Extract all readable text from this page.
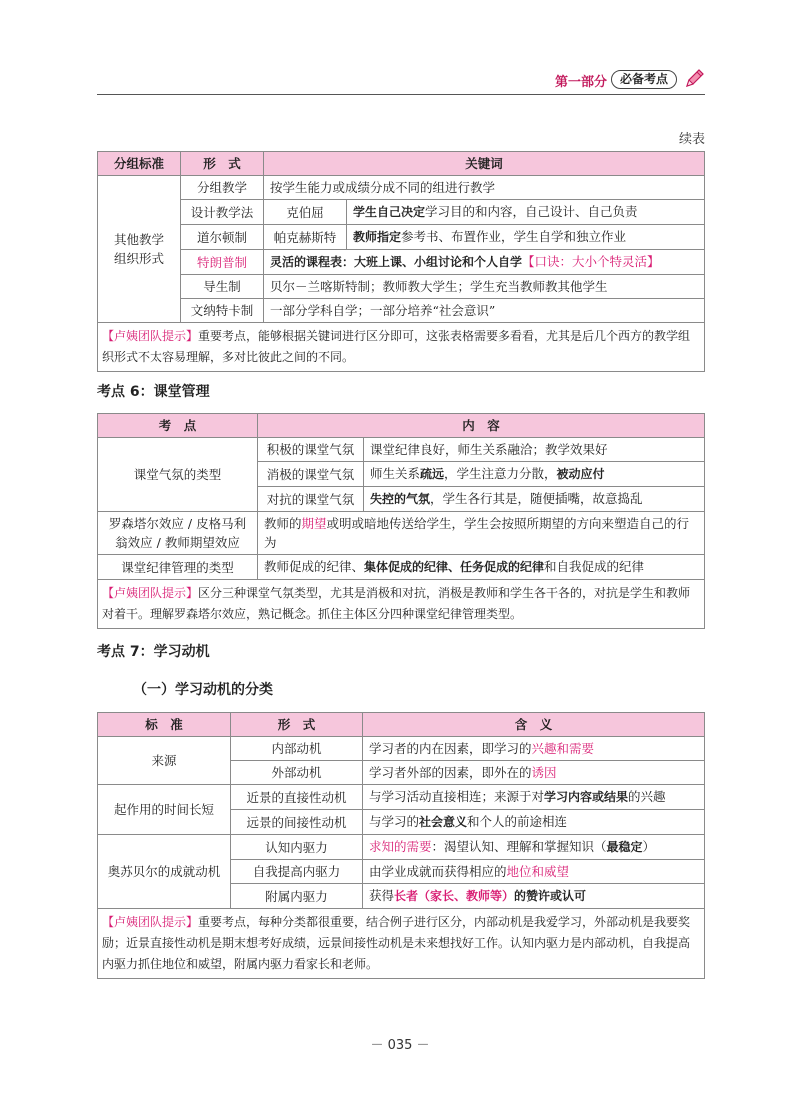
第一部分	必备考点
续表
分组标准	形　式	关键词	
其他教学组织形式	分组教学	按学生能力或成绩分成不同的组进行教学	
	设计教学法	克伯屈	学生自己决定学习目的和内容，自己设计、自己负责
	道尔顿制	帕克赫斯特	教师指定参考书、布置作业，学生自学和独立作业
	特朗普制	灵活的课程表：大班上课、小组讨论和个人自学【口诀：大小个特灵活】	
	导生制	贝尔－兰喀斯特制；教师教大学生；学生充当教师教其他学生	
	文纳特卡制	一部分学科自学；一部分培养“社会意识”	
【卢姨团队提示】重要考点，能够根据关键词进行区分即可，这张表格需要多看看，尤其是后几个西方的教学组织形式不太容易理解，多对比彼此之间的不同。			
考点 6：课堂管理
考　点	内　容	
课堂气氛的类型	积极的课堂气氛	课堂纪律良好，师生关系融洽；教学效果好
	消极的课堂气氛	师生关系疏远，学生注意力分散，被动应付
	对抗的课堂气氛	失控的气氛，学生各行其是，随便插嘴，故意捣乱
罗森塔尔效应 / 皮格马利翁效应 / 教师期望效应	教师的期望或明或暗地传送给学生，学生会按照所期望的方向来塑造自己的行为	
课堂纪律管理的类型	教师促成的纪律、集体促成的纪律、任务促成的纪律和自我促成的纪律	
【卢姨团队提示】区分三种课堂气氛类型，尤其是消极和对抗，消极是教师和学生各干各的，对抗是学生和教师对着干。理解罗森塔尔效应，熟记概念。抓住主体区分四种课堂纪律管理类型。		
考点 7：学习动机
（一）学习动机的分类
标　准	形　式	含　义
来源	内部动机	学习者的内在因素，即学习的兴趣和需要
	外部动机	学习者外部的因素，即外在的诱因
起作用的时间长短	近景的直接性动机	与学习活动直接相连；来源于对学习内容或结果的兴趣
	远景的间接性动机	与学习的社会意义和个人的前途相连
奥苏贝尔的成就动机	认知内驱力	求知的需要：渴望认知、理解和掌握知识（最稳定）
	自我提高内驱力	由学业成就而获得相应的地位和威望
	附属内驱力	获得长者（家长、教师等）的赞许或认可
【卢姨团队提示】重要考点，每种分类都很重要，结合例子进行区分，内部动机是我爱学习，外部动机是我要奖励；近景直接性动机是期末想考好成绩，远景间接性动机是未来想找好工作。认知内驱力是内部动机，自我提高内驱力抓住地位和威望，附属内驱力看家长和老师。		
－ 035 －
